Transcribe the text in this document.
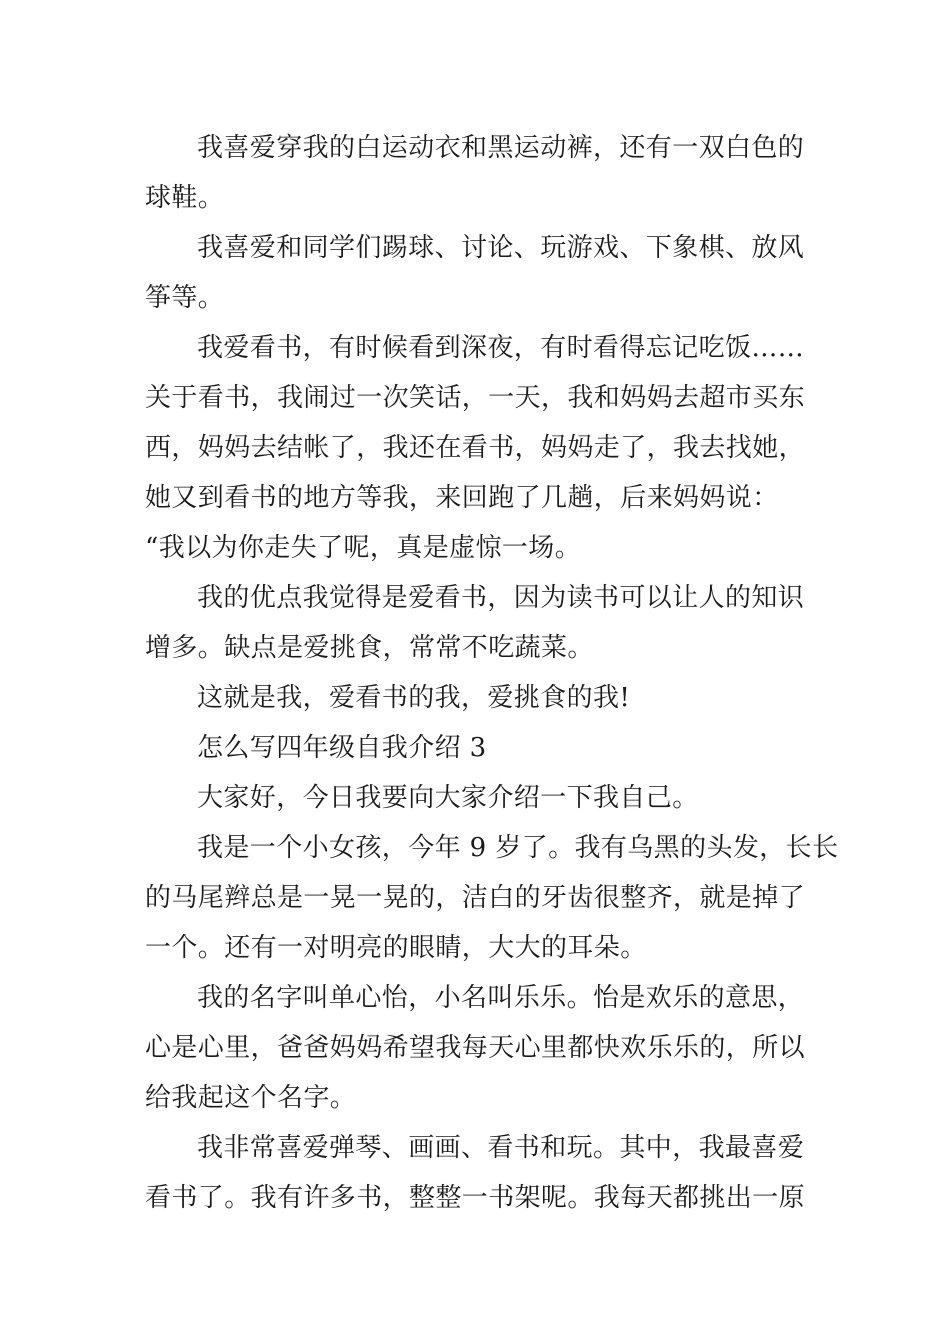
我喜爱穿我的白运动衣和黑运动裤，还有一双白色的
球鞋。
我喜爱和同学们踢球、讨论、玩游戏、下象棋、放风
筝等。
我爱看书，有时候看到深夜，有时看得忘记吃饭……
关于看书，我闹过一次笑话，一天，我和妈妈去超市买东
西，妈妈去结帐了，我还在看书，妈妈走了，我去找她，
她又到看书的地方等我，来回跑了几趟，后来妈妈说：
“我以为你走失了呢，真是虚惊一场。
我的优点我觉得是爱看书，因为读书可以让人的知识
增多。缺点是爱挑食，常常不吃蔬菜。
这就是我，爱看书的我，爱挑食的我!
怎么写四年级自我介绍 3
大家好，今日我要向大家介绍一下我自己。
我是一个小女孩，今年 9 岁了。我有乌黑的头发，长长
的马尾辫总是一晃一晃的，洁白的牙齿很整齐，就是掉了
一个。还有一对明亮的眼睛，大大的耳朵。
我的名字叫单心怡，小名叫乐乐。怡是欢乐的意思，
心是心里，爸爸妈妈希望我每天心里都快欢乐乐的，所以
给我起这个名字。
我非常喜爱弹琴、画画、看书和玩。其中，我最喜爱
看书了。我有许多书，整整一书架呢。我每天都挑出一原
